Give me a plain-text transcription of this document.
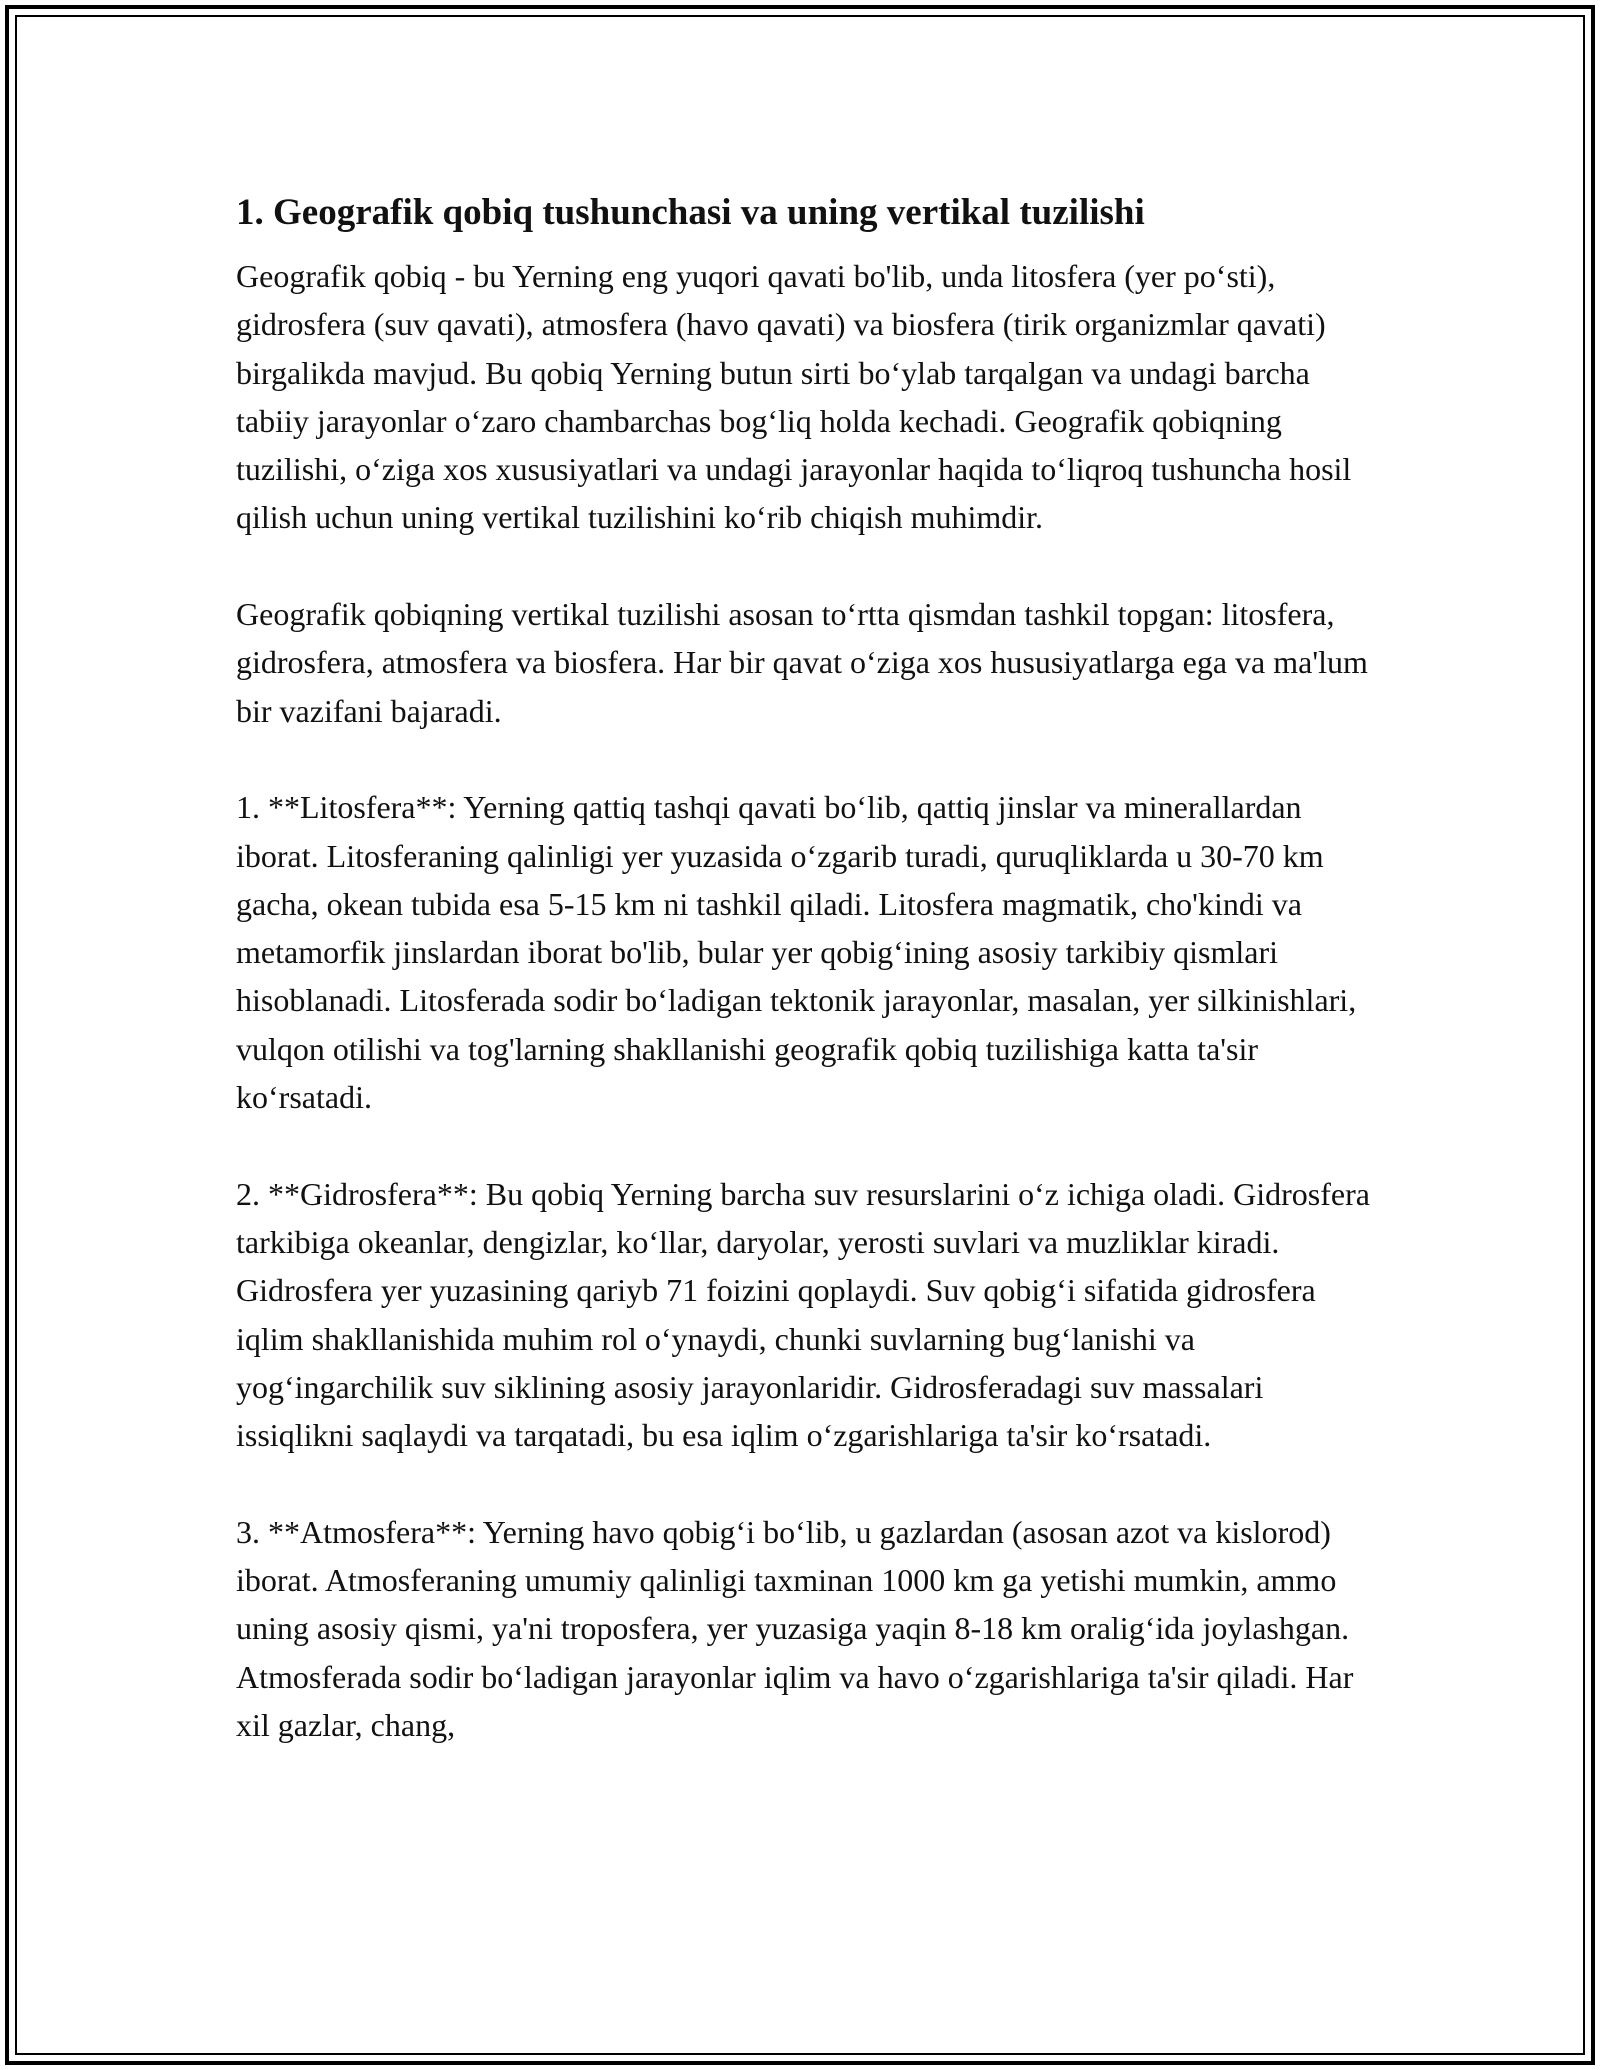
1. Geografik qobiq tushunchasi va uning vertikal tuzilishi

Geografik qobiq - bu Yerning eng yuqori qavati bo'lib, unda litosfera (yer po‘sti), gidrosfera (suv qavati), atmosfera (havo qavati) va biosfera (tirik organizmlar qavati) birgalikda mavjud. Bu qobiq Yerning butun sirti bo‘ylab tarqalgan va undagi barcha tabiiy jarayonlar o‘zaro chambarchas bog‘liq holda kechadi. Geografik qobiqning tuzilishi, o‘ziga xos xususiyatlari va undagi jarayonlar haqida to‘liqroq tushuncha hosil qilish uchun uning vertikal tuzilishini ko‘rib chiqish muhimdir.

Geografik qobiqning vertikal tuzilishi asosan to‘rtta qismdan tashkil topgan: litosfera, gidrosfera, atmosfera va biosfera. Har bir qavat o‘ziga xos hususiyatlarga ega va ma'lum bir vazifani bajaradi.

1. **Litosfera**: Yerning qattiq tashqi qavati bo‘lib, qattiq jinslar va minerallardan iborat. Litosferaning qalinligi yer yuzasida o‘zgarib turadi, quruqliklarda u 30-70 km gacha, okean tubida esa 5-15 km ni tashkil qiladi. Litosfera magmatik, cho'kindi va metamorfik jinslardan iborat bo'lib, bular yer qobig‘ining asosiy tarkibiy qismlari hisoblanadi. Litosferada sodir bo‘ladigan tektonik jarayonlar, masalan, yer silkinishlari, vulqon otilishi va tog'larning shakllanishi geografik qobiq tuzilishiga katta ta'sir ko‘rsatadi.

2. **Gidrosfera**: Bu qobiq Yerning barcha suv resurslarini o‘z ichiga oladi. Gidrosfera tarkibiga okeanlar, dengizlar, ko‘llar, daryolar, yerosti suvlari va muzliklar kiradi. Gidrosfera yer yuzasining qariyb 71 foizini qoplaydi. Suv qobig‘i sifatida gidrosfera iqlim shakllanishida muhim rol o‘ynaydi, chunki suvlarning bug‘lanishi va yog‘ingarchilik suv siklining asosiy jarayonlaridir. Gidrosferadagi suv massalari issiqlikni saqlaydi va tarqatadi, bu esa iqlim o‘zgarishlariga ta'sir ko‘rsatadi.

3. **Atmosfera**: Yerning havo qobig‘i bo‘lib, u gazlardan (asosan azot va kislorod) iborat. Atmosferaning umumiy qalinligi taxminan 1000 km ga yetishi mumkin, ammo uning asosiy qismi, ya'ni troposfera, yer yuzasiga yaqin 8-18 km oralig‘ida joylashgan. Atmosferada sodir bo‘ladigan jarayonlar iqlim va havo o‘zgarishlariga ta'sir qiladi. Har xil gazlar, chang,
